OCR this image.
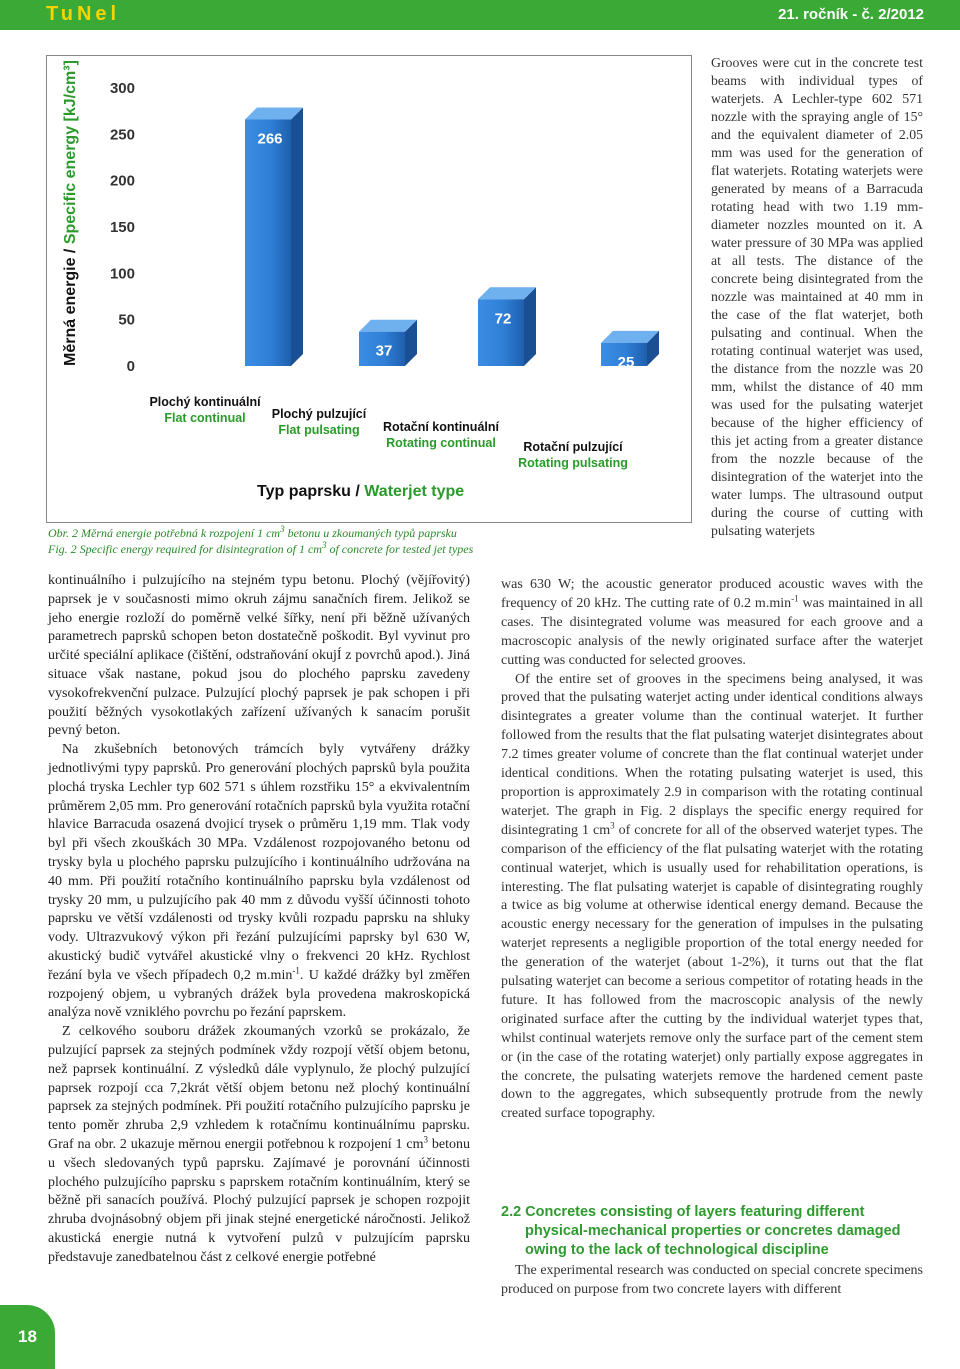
TuNel	21. ročník - č. 2/2012
0
50
100
150
200
250
300
266
37
72
25
Plochý kontinuální
Flat continual Plochý pulzující
Flat pulsating Rotační kontinuální
Rotating continual Rotační pulzující
Rotating pulsating
Měrná energie / Specific energy [kJ/cm³]
Typ paprsku / Waterjet type
Obr. 2 Měrná energie potřebná k rozpojení 1 $cm^3$ betonu u zkoumaných typů paprsku
Fig. 2 Specific energy required for disintegration of 1 $cm^3$ of concrete for tested jet types
Grooves were cut in the concrete test beams with individual types of waterjets. A Lechler-type 602 571 nozzle with the spraying angle of 15° and the equivalent diameter of 2.05 mm was used for the generation of flat waterjets. Rotating waterjets were generated by means of a Barracuda rotating head with two 1.19 mm-diameter nozzles mounted on it. A water pressure of 30 MPa was applied at all tests. The distance of the concrete being disintegrated from the nozzle was maintained at 40 mm in the case of the flat waterjet, both pulsating and continual. When the rotating continual waterjet was used, the distance from the nozzle was 20 mm, whilst the distance of 40 mm was used for the pulsating waterjet because of the higher efficiency of this jet acting from a greater distance from the nozzle because of the disintegration of the waterjet into the water lumps. The ultrasound output during the course of cutting with pulsating waterjets

kontinuálního i pulzujícího na stejném typu betonu. Plochý (vějířovitý) paprsek je v současnosti mimo okruh zájmu sanačních firem. Jelikož se jeho energie rozloží do poměrně velké šířky, není při běžně užívaných parametrech paprsků schopen beton dostatečně poškodit. Byl vyvinut pro určité speciální aplikace (čištění, odstraňování okujÍ z povrchů apod.). Jiná situace však nastane, pokud jsou do plochého paprsku zavedeny vysokofrekvenční pulzace. Pulzující plochý paprsek je pak schopen i při použití běžných vysokotlakých zařízení užívaných k sanacím porušit pevný beton.

Na zkušebních betonových trámcích byly vytvářeny drážky jednotlivými typy paprsků. Pro generování plochých paprsků byla použita plochá tryska Lechler typ 602 571 s úhlem rozstřiku 15° a ekvivalentním průměrem 2,05 mm. Pro generování rotačních paprsků byla využita rotační hlavice Barracuda osazená dvojicí trysek o průměru 1,19 mm. Tlak vody byl při všech zkouškách 30 MPa. Vzdálenost rozpojovaného betonu od trysky byla u plochého paprsku pulzujícího i kontinuálního udržována na 40 mm. Při použití rotačního kontinuálního paprsku byla vzdálenost od trysky 20 mm, u pulzujícího pak 40 mm z důvodu vyšší účinnosti tohoto paprsku ve větší vzdálenosti od trysky kvůli rozpadu paprsku na shluky vody. Ultrazvukový výkon při řezání pulzujícími paprsky byl 630 W, akustický budič vytvářel akustické vlny o frekvenci 20 kHz. Rychlost řezání byla ve všech případech 0,2 $m.\min^{-1}$. U každé drážky byl změřen rozpojený objem, u vybraných drážek byla provedena makroskopická analýza nově vzniklého povrchu po řezání paprskem.

Z celkového souboru drážek zkoumaných vzorků se prokázalo, že pulzující paprsek za stejných podmínek vždy rozpojí větší objem betonu, než paprsek kontinuální. Z výsledků dále vyplynulo, že plochý pulzující paprsek rozpojí cca 7,2krát větší objem betonu než plochý kontinuální paprsek za stejných podmínek. Při použití rotačního pulzujícího paprsku je tento poměr zhruba 2,9 vzhledem k rotačnímu kontinuálnímu paprsku. Graf na obr. 2 ukazuje měrnou energii potřebnou k rozpojení 1 $cm^3$ betonu u všech sledovaných typů paprsku. Zajímavé je porovnání účinnosti plochého pulzujícího paprsku s paprskem rotačním kontinuálním, který se běžně při sanacích používá. Plochý pulzující paprsek je schopen rozpojit zhruba dvojnásobný objem při jinak stejné energetické náročnosti. Jelikož akustická energie nutná k vytvoření pulzů v pulzujícím paprsku představuje zanedbatelnou část z celkové energie potřebné

was 630 W; the acoustic generator produced acoustic waves with the frequency of 20 kHz. The cutting rate of 0.2 $m.\min^{-1}$ was maintained in all cases. The disintegrated volume was measured for each groove and a macroscopic analysis of the newly originated surface after the waterjet cutting was conducted for selected grooves.

Of the entire set of grooves in the specimens being analysed, it was proved that the pulsating waterjet acting under identical conditions always disintegrates a greater volume than the continual waterjet. It further followed from the results that the flat pulsating waterjet disintegrates about 7.2 times greater volume of concrete than the flat continual waterjet under identical conditions. When the rotating pulsating waterjet is used, this proportion is approximately 2.9 in comparison with the rotating continual waterjet. The graph in Fig. 2 displays the specific energy required for disintegrating 1 $cm^3$ of concrete for all of the observed waterjet types. The comparison of the efficiency of the flat pulsating waterjet with the rotating continual waterjet, which is usually used for rehabilitation operations, is interesting. The flat pulsating waterjet is capable of disintegrating roughly a twice as big volume at otherwise identical energy demand. Because the acoustic energy necessary for the generation of impulses in the pulsating waterjet represents a negligible proportion of the total energy needed for the generation of the waterjet (about 1-2%), it turns out that the flat pulsating waterjet can become a serious competitor of rotating heads in the future. It has followed from the macroscopic analysis of the newly originated surface after the cutting by the individual waterjet types that, whilst continual waterjets remove only the surface part of the cement stem or (in the case of the rotating waterjet) only partially expose aggregates in the concrete, the pulsating waterjets remove the hardened cement paste down to the aggregates, which subsequently protrude from the newly created surface topography.

2.2 Concretes consisting of layers featuring different
physical-mechanical properties or concretes damaged
owing to the lack of technological discipline

The experimental research was conducted on special concrete specimens produced on purpose from two concrete layers with different

18
